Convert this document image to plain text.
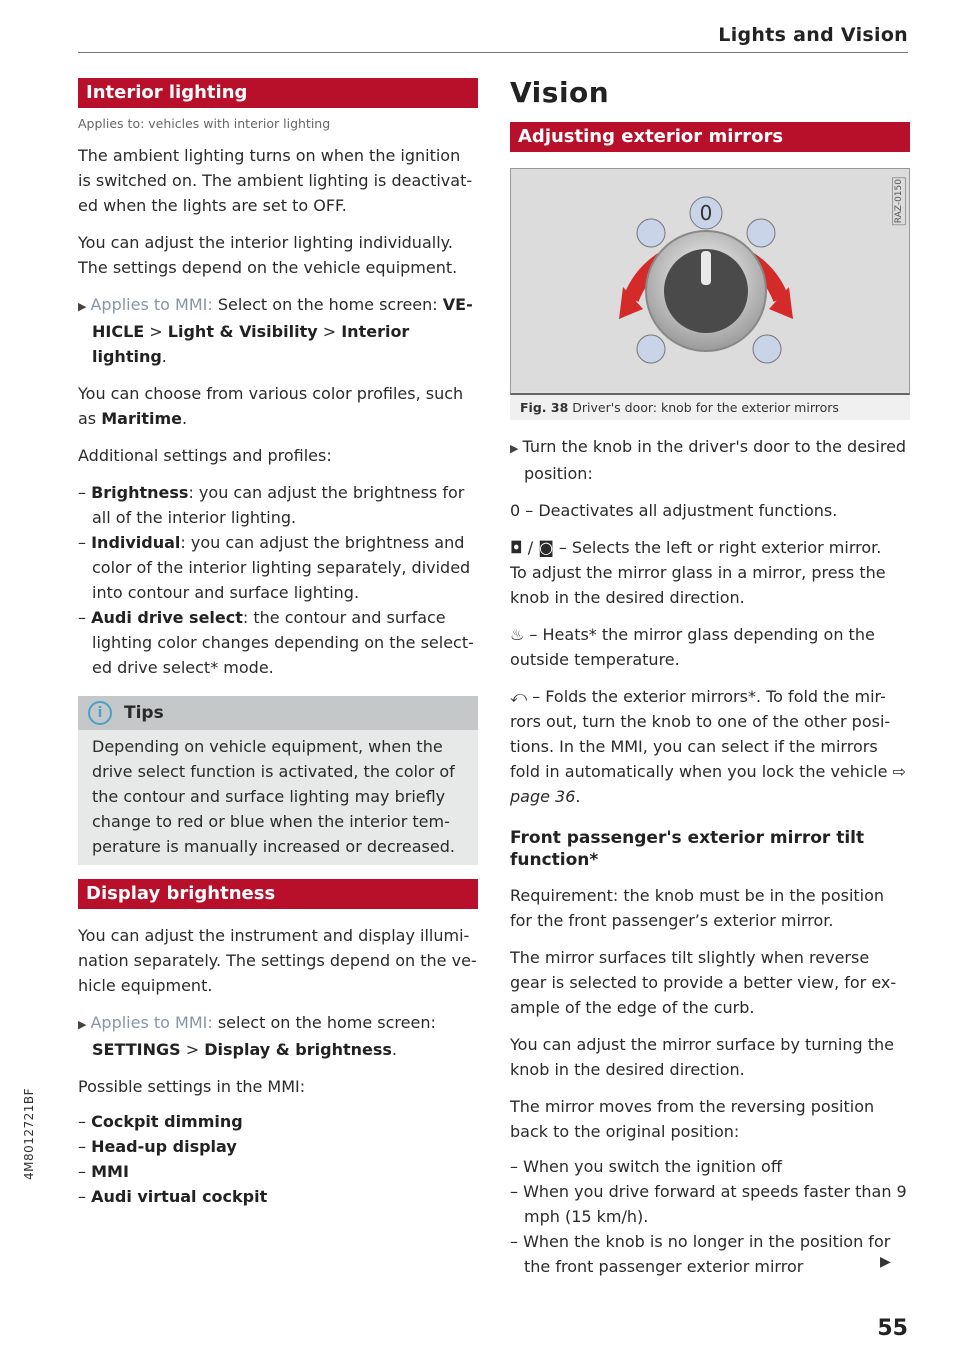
Lights and Vision
Interior lighting
Applies to: vehicles with interior lighting

The ambient lighting turns on when the ignition is switched on. The ambient lighting is deactivat-ed when the lights are set to OFF.

You can adjust the interior lighting individually. The settings depend on the vehicle equipment.

▶ Applies to MMI: Select on the home screen: VE-HICLE > Light & Visibility > Interior lighting.

You can choose from various color profiles, such as Maritime.

Additional settings and profiles:

– Brightness: you can adjust the brightness for all of the interior lighting.
– Individual: you can adjust the brightness and color of the interior lighting separately, divided into contour and surface lighting.
– Audi drive select: the contour and surface lighting color changes depending on the select-ed drive select* mode.
i Tips
Depending on vehicle equipment, when the drive select function is activated, the color of the contour and surface lighting may briefly change to red or blue when the interior tem-perature is manually increased or decreased.
Display brightness

You can adjust the instrument and display illumi-nation separately. The settings depend on the ve-hicle equipment.

▶ Applies to MMI: select on the home screen: SETTINGS > Display & brightness.

Possible settings in the MMI:

– Cockpit dimming
– Head-up display
– MMI
– Audi virtual cockpit
Vision
Adjusting exterior mirrors
0	RAZ-0150
Fig. 38 Driver's door: knob for the exterior mirrors
▶ Turn the knob in the driver's door to the desired position:

0 – Deactivates all adjustment functions.

◘ / ◙ – Selects the left or right exterior mirror.
To adjust the mirror glass in a mirror, press the knob in the desired direction.

♨ – Heats* the mirror glass depending on the outside temperature.

⤺ – Folds the exterior mirrors*. To fold the mir-rors out, turn the knob to one of the other posi-tions. In the MMI, you can select if the mirrors fold in automatically when you lock the vehicle ⇨ page 36.

Front passenger's exterior mirror tilt function*

Requirement: the knob must be in the position for the front passenger’s exterior mirror.

The mirror surfaces tilt slightly when reverse gear is selected to provide a better view, for ex-ample of the edge of the curb.

You can adjust the mirror surface by turning the knob in the desired direction.

The mirror moves from the reversing position back to the original position:

– When you switch the ignition off
– When you drive forward at speeds faster than 9 mph (15 km/h).
– When the knob is no longer in the position for the front passenger exterior mirror	▶
55
4M8012721BF
